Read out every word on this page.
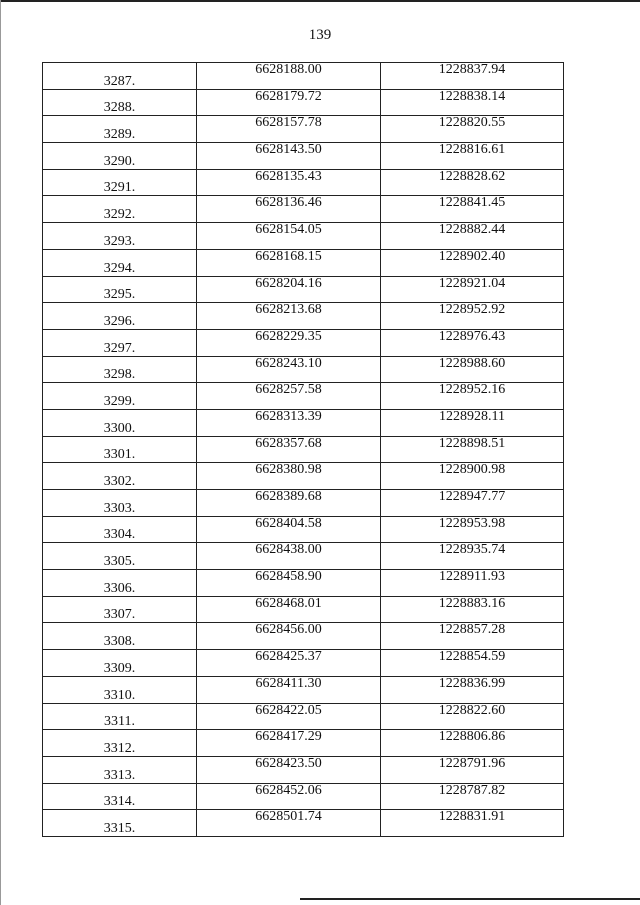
139
3287.	6628188.00	1228837.94
3288.	6628179.72	1228838.14
3289.	6628157.78	1228820.55
3290.	6628143.50	1228816.61
3291.	6628135.43	1228828.62
3292.	6628136.46	1228841.45
3293.	6628154.05	1228882.44
3294.	6628168.15	1228902.40
3295.	6628204.16	1228921.04
3296.	6628213.68	1228952.92
3297.	6628229.35	1228976.43
3298.	6628243.10	1228988.60
3299.	6628257.58	1228952.16
3300.	6628313.39	1228928.11
3301.	6628357.68	1228898.51
3302.	6628380.98	1228900.98
3303.	6628389.68	1228947.77
3304.	6628404.58	1228953.98
3305.	6628438.00	1228935.74
3306.	6628458.90	1228911.93
3307.	6628468.01	1228883.16
3308.	6628456.00	1228857.28
3309.	6628425.37	1228854.59
3310.	6628411.30	1228836.99
3311.	6628422.05	1228822.60
3312.	6628417.29	1228806.86
3313.	6628423.50	1228791.96
3314.	6628452.06	1228787.82
3315.	6628501.74	1228831.91
